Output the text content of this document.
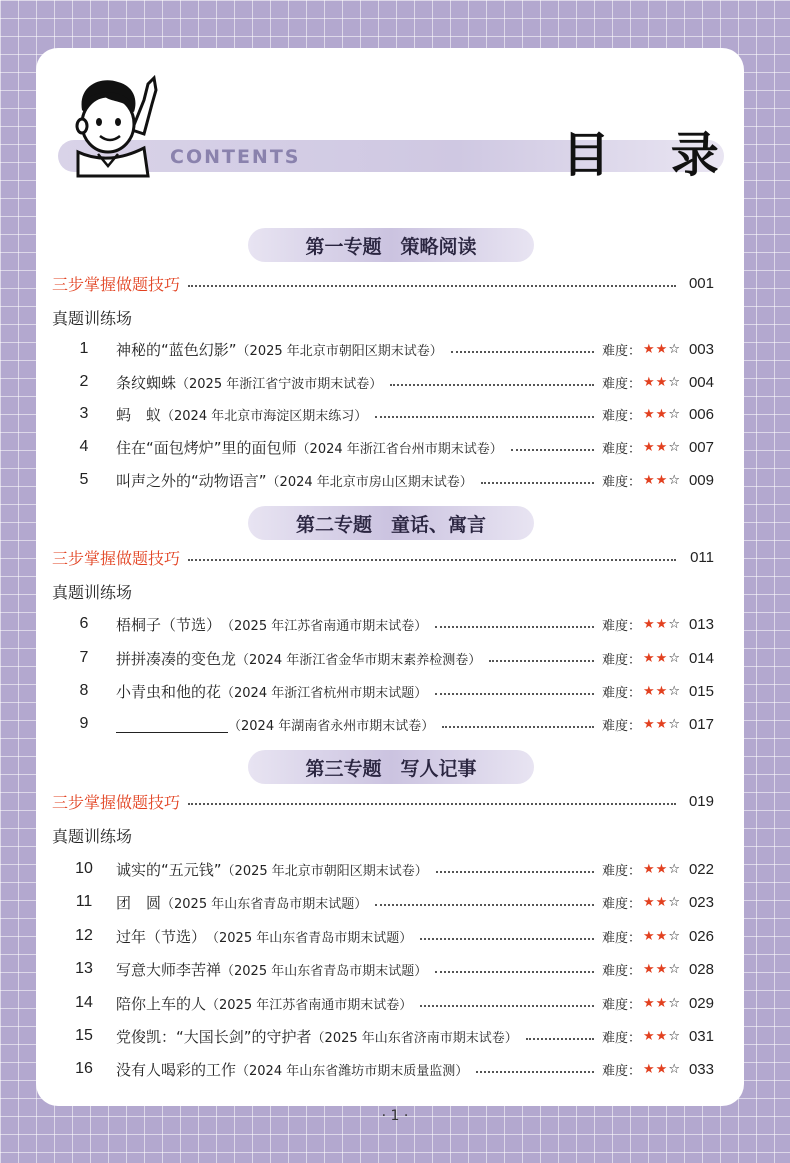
CONTENTS	目 录
第一专题　策略阅读
三步掌握做题技巧	001
真题训练场
1	神秘的“蓝色幻影” （2025 年北京市朝阳区期末试卷）	难度： ★★ ☆ 003
2	条纹蜘蛛 （2025 年浙江省宁波市期末试卷）	难度： ★★ ☆ 004
3	蚂　蚁 （2024 年北京市海淀区期末练习）	难度： ★★ ☆ 006
4	住在“面包烤炉”里的面包师 （2024 年浙江省台州市期末试卷）	难度： ★★ ☆ 007
5	叫声之外的“动物语言” （2024 年北京市房山区期末试卷）	难度： ★★ ☆ 009
第二专题　童话、寓言
三步掌握做题技巧	011
真题训练场
6	梧桐子（节选） （2025 年江苏省南通市期末试卷）	难度： ★★ ☆ 013
7	拼拼凑凑的变色龙 （2024 年浙江省金华市期末素养检测卷）	难度： ★★ ☆ 014
8	小青虫和他的花 （2024 年浙江省杭州市期末试题）	难度： ★★ ☆ 015
9	（2024 年湖南省永州市期末试卷）	难度： ★★ ☆ 017
第三专题　写人记事
三步掌握做题技巧	019
真题训练场
10	诚实的“五元钱” （2025 年北京市朝阳区期末试卷）	难度： ★★ ☆ 022
11	团　圆 （2025 年山东省青岛市期末试题）	难度： ★★ ☆ 023
12	过年（节选） （2025 年山东省青岛市期末试题）	难度： ★★ ☆ 026
13	写意大师李苦禅 （2025 年山东省青岛市期末试题）	难度： ★★ ☆ 028
14	陪你上车的人 （2025 年江苏省南通市期末试卷）	难度： ★★ ☆ 029
15	党俊凯：“大国长剑”的守护者 （2025 年山东省济南市期末试卷）	难度： ★★ ☆ 031
16	没有人喝彩的工作 （2024 年山东省潍坊市期末质量监测）	难度： ★★ ☆ 033
· 1 ·
